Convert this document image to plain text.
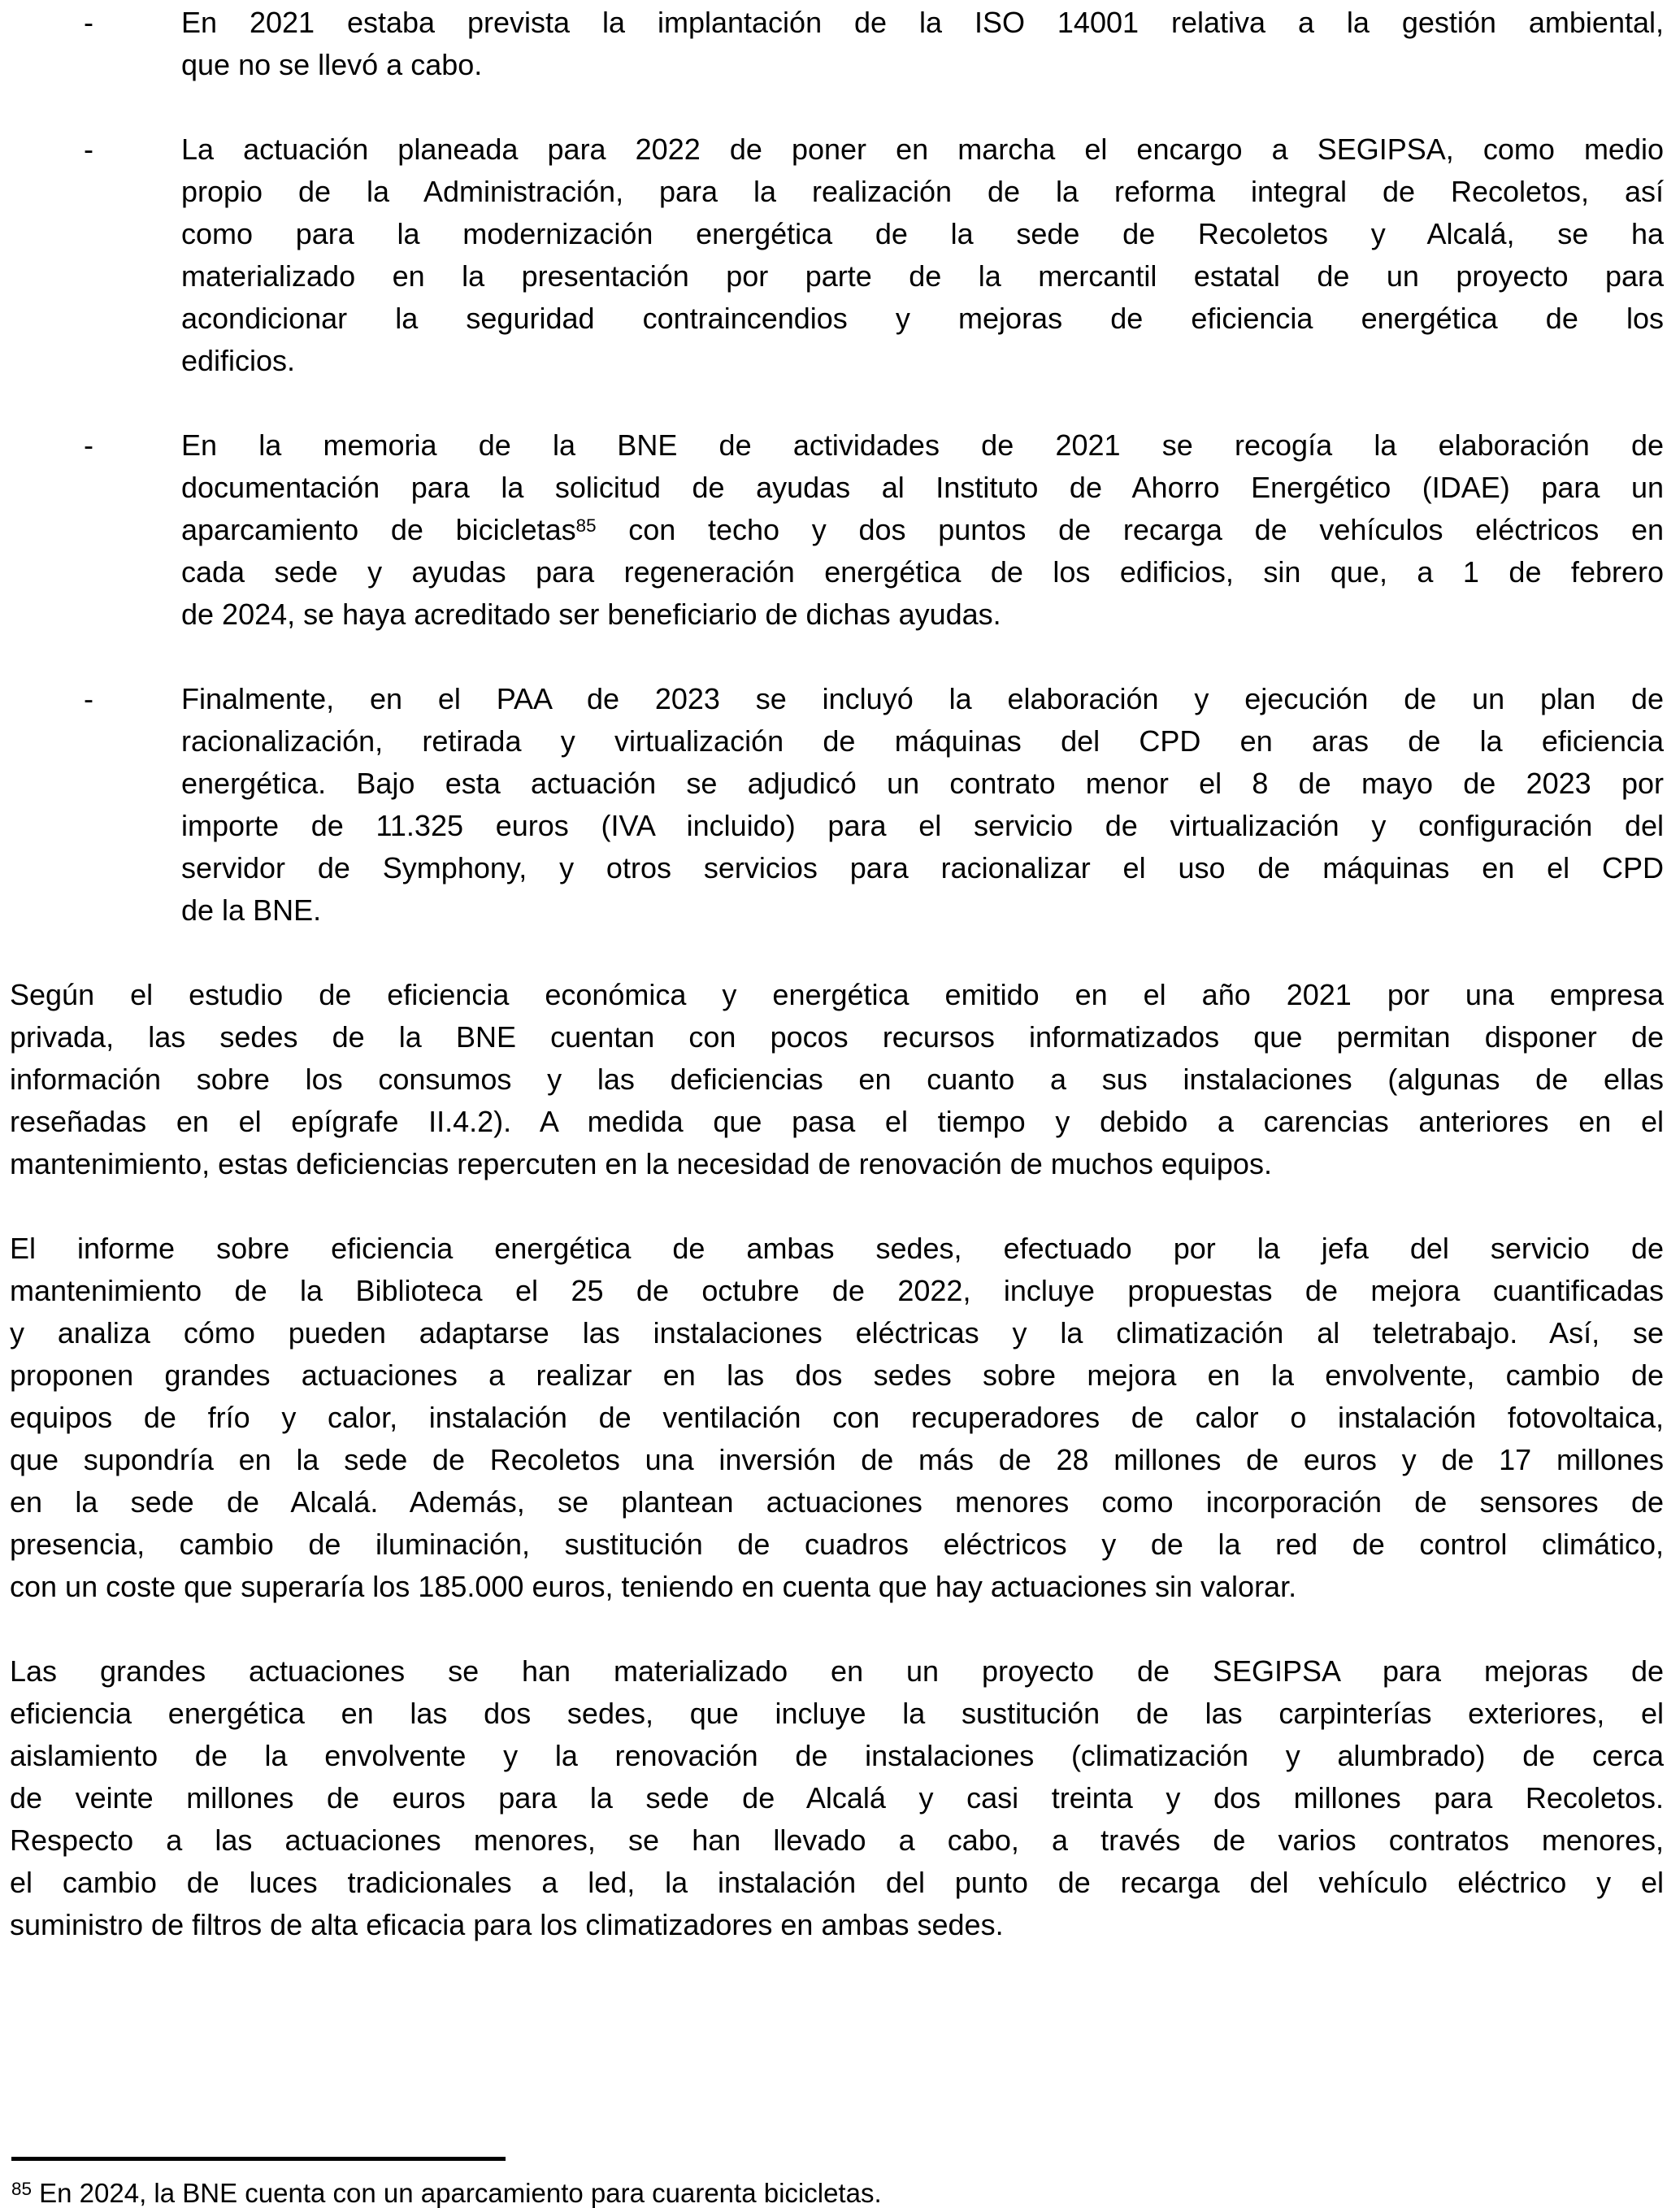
-	En 2021 estaba prevista la implantación de la ISO 14001 relativa a la gestión ambiental,
que no se llevó a cabo.
-	La actuación planeada para 2022 de poner en marcha el encargo a SEGIPSA, como medio
propio de la Administración, para la realización de la reforma integral de Recoletos, así
como para la modernización energética de la sede de Recoletos y Alcalá, se ha
materializado en la presentación por parte de la mercantil estatal de un proyecto para
acondicionar la seguridad contraincendios y mejoras de eficiencia energética de los
edificios.
-	En la memoria de la BNE de actividades de 2021 se recogía la elaboración de
documentación para la solicitud de ayudas al Instituto de Ahorro Energético (IDAE) para un
aparcamiento de bicicletas$^{85}$ con techo y dos puntos de recarga de vehículos eléctricos en
cada sede y ayudas para regeneración energética de los edificios, sin que, a 1 de febrero
de 2024, se haya acreditado ser beneficiario de dichas ayudas.
-	Finalmente, en el PAA de 2023 se incluyó la elaboración y ejecución de un plan de
racionalización, retirada y virtualización de máquinas del CPD en aras de la eficiencia
energética. Bajo esta actuación se adjudicó un contrato menor el 8 de mayo de 2023 por
importe de 11.325 euros (IVA incluido) para el servicio de virtualización y configuración del
servidor de Symphony, y otros servicios para racionalizar el uso de máquinas en el CPD
de la BNE.
Según el estudio de eficiencia económica y energética emitido en el año 2021 por una empresa
privada, las sedes de la BNE cuentan con pocos recursos informatizados que permitan disponer de
información sobre los consumos y las deficiencias en cuanto a sus instalaciones (algunas de ellas
reseñadas en el epígrafe II.4.2). A medida que pasa el tiempo y debido a carencias anteriores en el
mantenimiento, estas deficiencias repercuten en la necesidad de renovación de muchos equipos.
El informe sobre eficiencia energética de ambas sedes, efectuado por la jefa del servicio de
mantenimiento de la Biblioteca el 25 de octubre de 2022, incluye propuestas de mejora cuantificadas
y analiza cómo pueden adaptarse las instalaciones eléctricas y la climatización al teletrabajo. Así, se
proponen grandes actuaciones a realizar en las dos sedes sobre mejora en la envolvente, cambio de
equipos de frío y calor, instalación de ventilación con recuperadores de calor o instalación fotovoltaica,
que supondría en la sede de Recoletos una inversión de más de 28 millones de euros y de 17 millones
en la sede de Alcalá. Además, se plantean actuaciones menores como incorporación de sensores de
presencia, cambio de iluminación, sustitución de cuadros eléctricos y de la red de control climático,
con un coste que superaría los 185.000 euros, teniendo en cuenta que hay actuaciones sin valorar.
Las grandes actuaciones se han materializado en un proyecto de SEGIPSA para mejoras de
eficiencia energética en las dos sedes, que incluye la sustitución de las carpinterías exteriores, el
aislamiento de la envolvente y la renovación de instalaciones (climatización y alumbrado) de cerca
de veinte millones de euros para la sede de Alcalá y casi treinta y dos millones para Recoletos.
Respecto a las actuaciones menores, se han llevado a cabo, a través de varios contratos menores,
el cambio de luces tradicionales a led, la instalación del punto de recarga del vehículo eléctrico y el
suministro de filtros de alta eficacia para los climatizadores en ambas sedes.
$^{85}$ En 2024, la BNE cuenta con un aparcamiento para cuarenta bicicletas.
